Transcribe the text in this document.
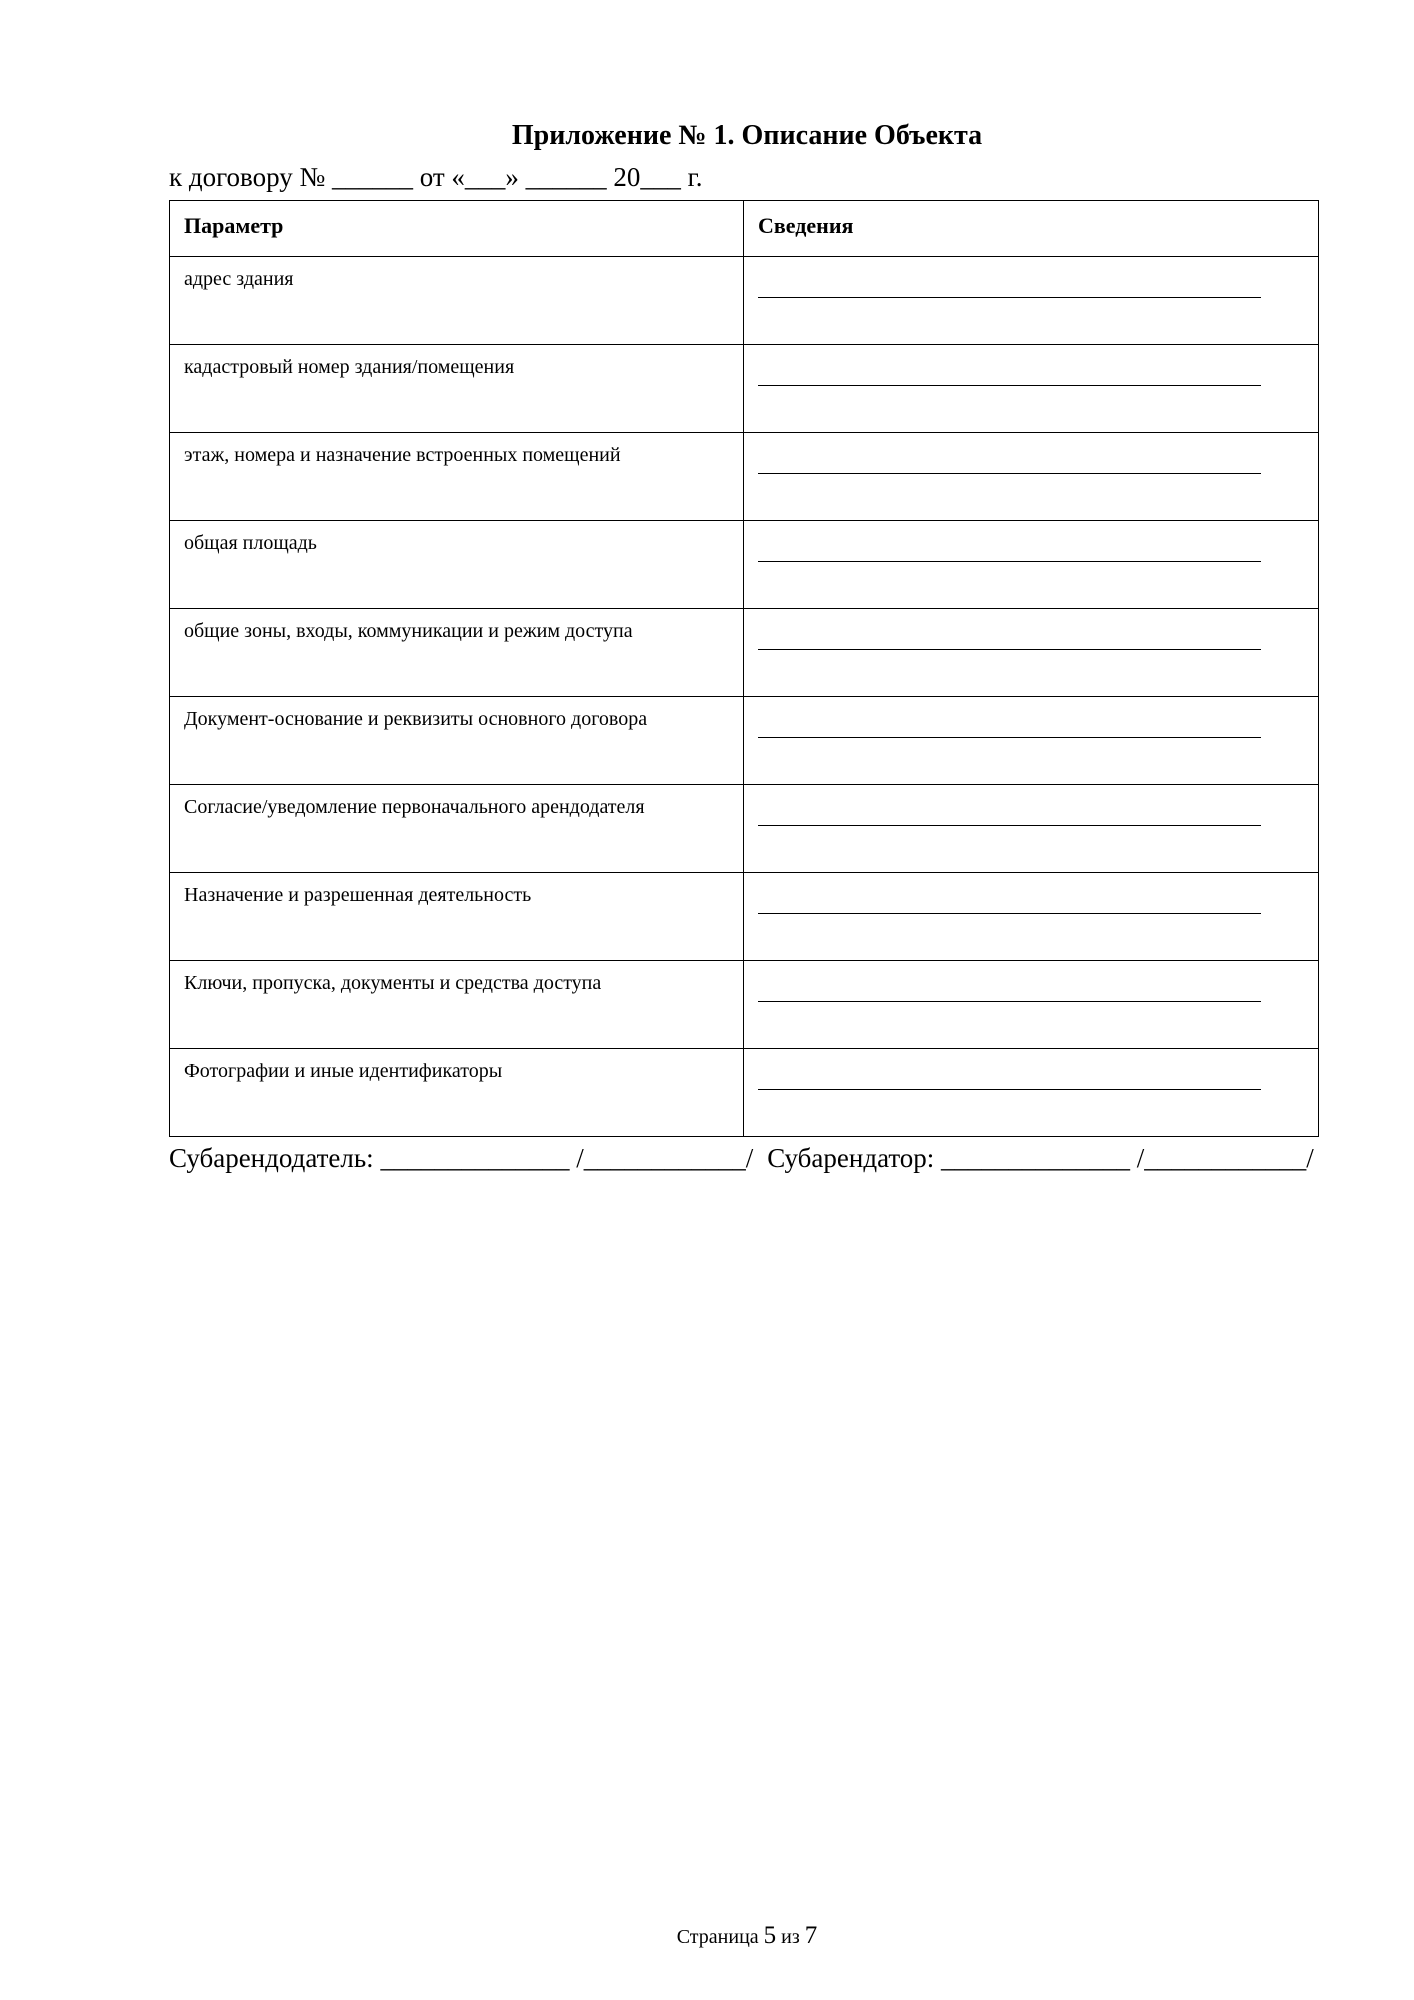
Приложение № 1. Описание Объекта
к договору № ______ от «___» ______ 20___ г.
Параметр	Сведения

адрес здания	

кадастровый номер здания/помещения	

этаж, номера и назначение встроенных помещений	

общая площадь	

общие зоны, входы, коммуникации и режим доступа	

Документ-основание и реквизиты основного договора	

Согласие/уведомление первоначального арендодателя	

Назначение и разрешенная деятельность	

Ключи, пропуска, документы и средства доступа	

Фотографии и иные идентификаторы	

Субарендодатель: ______________ /____________/ Субарендатор: ______________ /____________/
Страница 5 из 7
